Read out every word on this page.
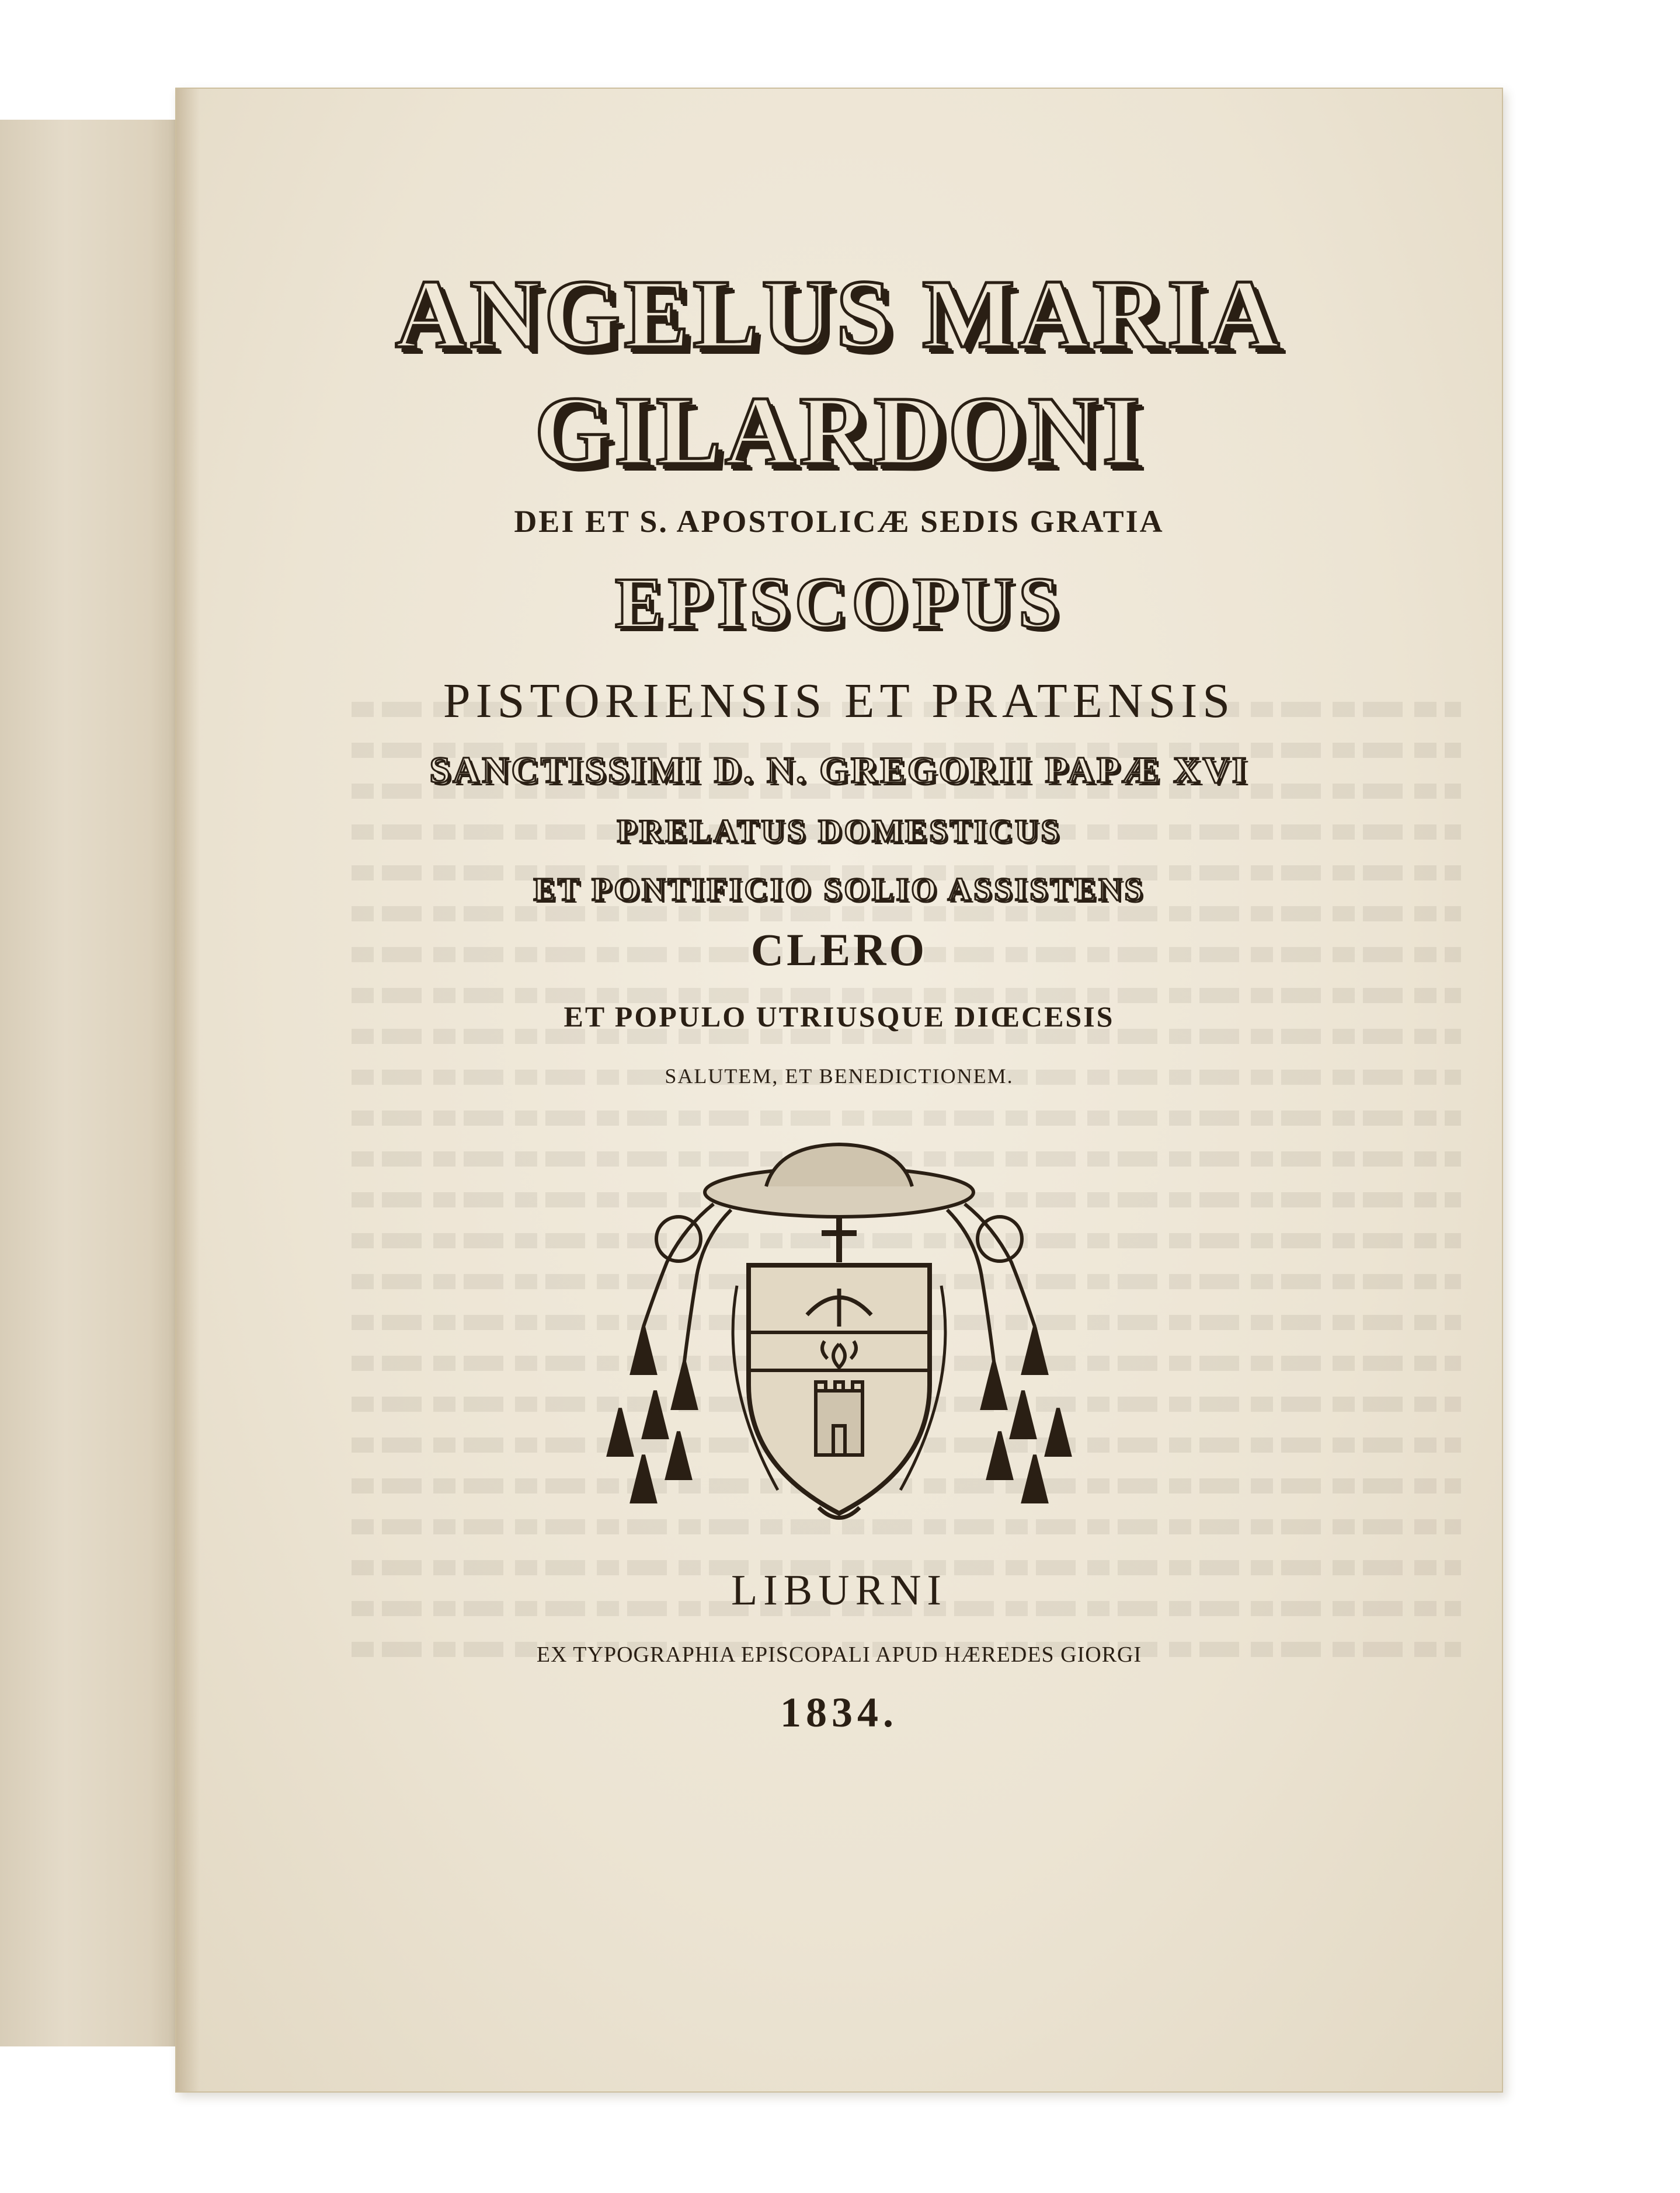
ANGELUS MARIA

GILARDONI

DEI ET S. APOSTOLICÆ SEDIS GRATIA

EPISCOPUS

PISTORIENSIS ET PRATENSIS

SANCTISSIMI D. N. GREGORII PAPÆ XVI

PRELATUS DOMESTICUS

ET PONTIFICIO SOLIO ASSISTENS

CLERO

ET POPULO UTRIUSQUE DIŒCESIS

SALUTEM, ET BENEDICTIONEM.

LIBURNI

EX TYPOGRAPHIA EPISCOPALI APUD HÆREDES GIORGI

1834.
